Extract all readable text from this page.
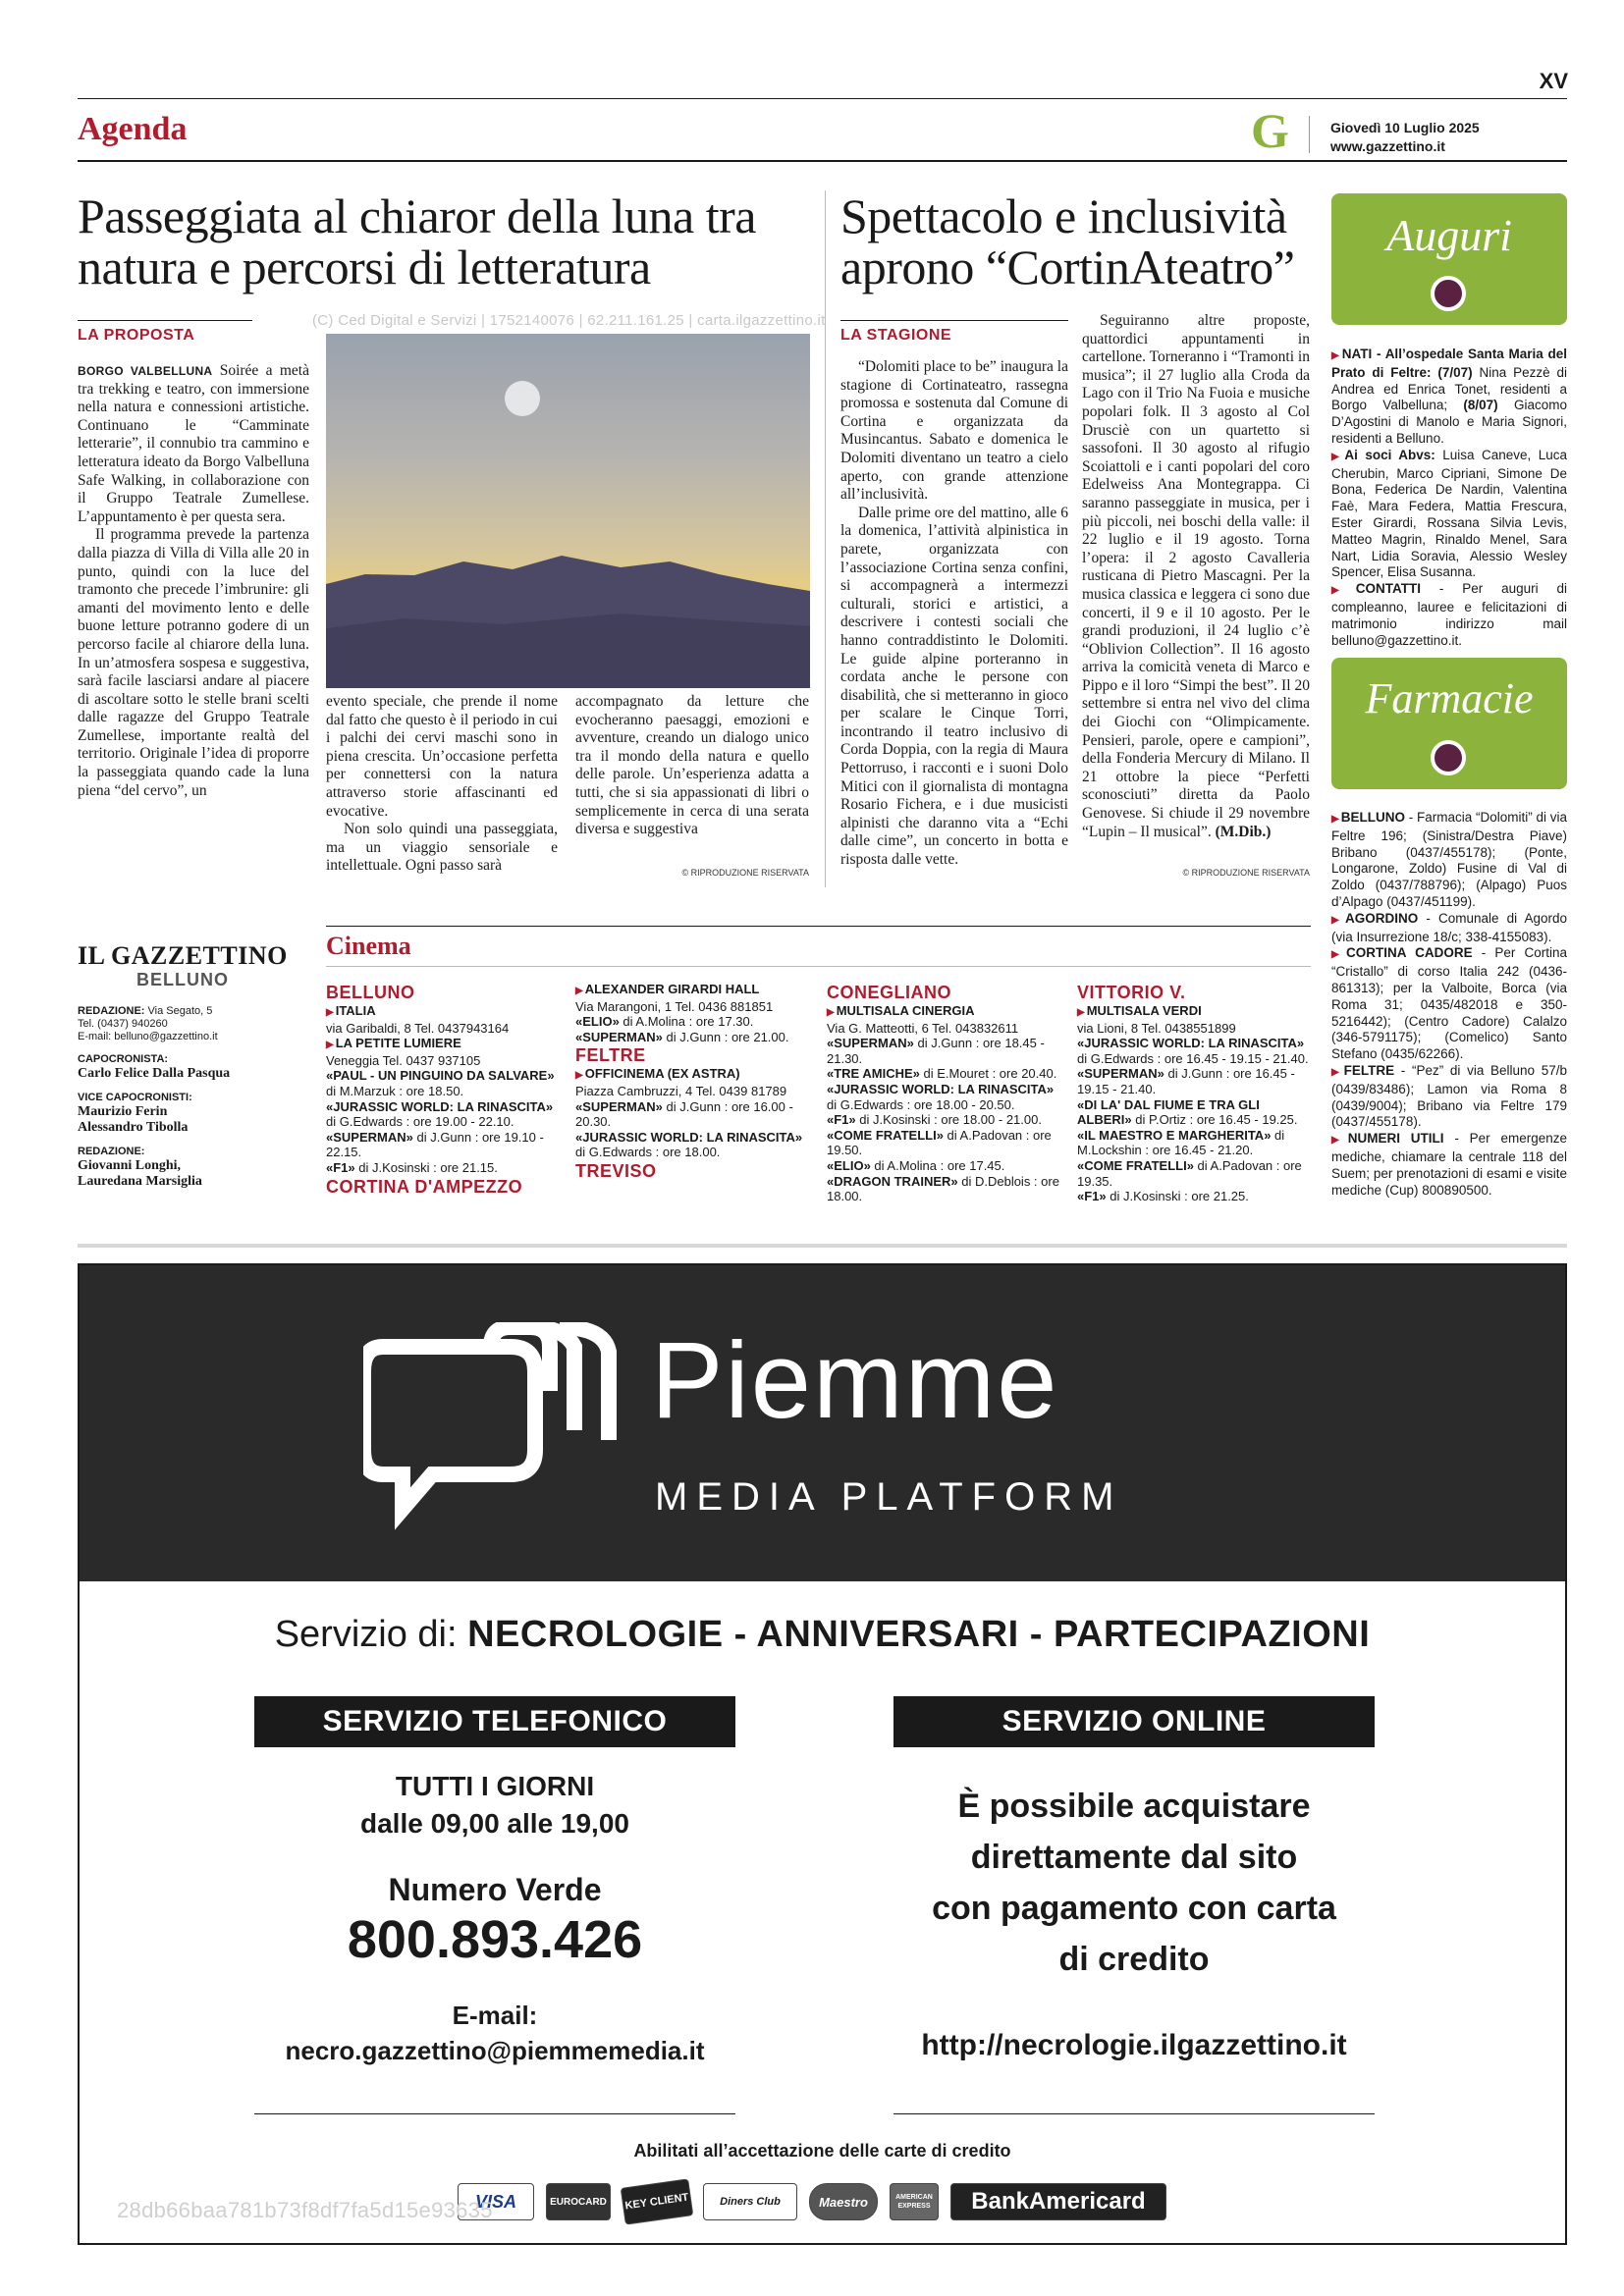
XV
Agenda	G	Giovedì 10 Luglio 2025
www.gazzettino.it
Passeggiata al chiaror della luna tra natura e percorsi di letteratura
LA PROPOSTA
(C) Ced Digital e Servizi | 1752140076 | 62.211.161.25 | carta.ilgazzettino.it

BORGO VALBELLUNA Soirée a metà tra trekking e teatro, con immersione nella natura e connessioni artistiche. Continuano le “Camminate letterarie”, il connubio tra cammino e letteratura ideato da Borgo Valbelluna Safe Walking, in collaborazione con il Gruppo Teatrale Zumellese. L’appuntamento è per questa sera.

Il programma prevede la partenza dalla piazza di Villa di Villa alle 20 in punto, quindi con la luce del tramonto che precede l’imbrunire: gli amanti del movimento lento e delle buone letture potranno godere di un percorso facile al chiarore della luna. In un’atmosfera sospesa e suggestiva, sarà facile lasciarsi andare al piacere di ascoltare sotto le stelle brani scelti dalle ragazze del Gruppo Teatrale Zumellese, importante realtà del territorio. Originale l’idea di proporre la passeggiata quando cade la luna piena “del cervo”, un

evento speciale, che prende il nome dal fatto che questo è il periodo in cui i palchi dei cervi maschi sono in piena crescita. Un’occasione perfetta per connettersi con la natura attraverso storie affascinanti ed evocative.

Non solo quindi una passeggiata, ma un viaggio sensoriale e intellettuale. Ogni passo sarà

accompagnato da letture che evocheranno paesaggi, emozioni e avventure, creando un dialogo unico tra il mondo della natura e quello delle parole. Un’esperienza adatta a tutti, che si sia appassionati di libri o semplicemente in cerca di una serata diversa e suggestiva

© RIPRODUZIONE RISERVATA
Spettacolo e inclusività aprono “CortinAteatro”
LA STAGIONE

“Dolomiti place to be” inaugura la stagione di Cortinateatro, rassegna promossa e sostenuta dal Comune di Cortina e organizzata da Musincantus. Sabato e domenica le Dolomiti diventano un teatro a cielo aperto, con grande attenzione all’inclusività.

Dalle prime ore del mattino, alle 6 la domenica, l’attività alpinistica in parete, organizzata con l’associazione Cortina senza confini, si accompagnerà a intermezzi culturali, storici e artistici, a descrivere i contesti sociali che hanno contraddistinto le Dolomiti. Le guide alpine porteranno in cordata anche le persone con disabilità, che si metteranno in gioco per scalare le Cinque Torri, incontrando il teatro inclusivo di Corda Doppia, con la regia di Maura Pettorruso, i racconti e i suoni Dolo Mitici con il giornalista di montagna Rosario Fichera, e i due musicisti alpinisti che daranno vita a “Echi dalle cime”, un concerto in botta e risposta dalle vette.

Seguiranno altre proposte, quattordici appuntamenti in cartellone. Torneranno i “Tramonti in musica”; il 27 luglio alla Croda da Lago con il Trio Na Fuoia e musiche popolari folk. Il 3 agosto al Col Drusciè con un quartetto si sassofoni. Il 30 agosto al rifugio Scoiattoli e i canti popolari del coro Edelweiss Ana Montegrappa. Ci saranno passeggiate in musica, per i più piccoli, nei boschi della valle: il 22 luglio e il 19 agosto. Torna l’opera: il 2 agosto Cavalleria rusticana di Pietro Mascagni. Per la musica classica e leggera ci sono due concerti, il 9 e il 10 agosto. Per le grandi produzioni, il 24 luglio c’è “Oblivion Collection”. Il 16 agosto arriva la comicità veneta di Marco e Pippo e il loro “Simpi the best”. Il 20 settembre si entra nel vivo del clima dei Giochi con “Olimpicamente. Pensieri, parole, opere e campioni”, della Fonderia Mercury di Milano. Il 21 ottobre la piece “Perfetti sconosciuti” diretta da Paolo Genovese. Si chiude il 29 novembre “Lupin – Il musical”. (M.Dib.)

© RIPRODUZIONE RISERVATA
Auguri
▶ NATI - All’ospedale Santa Maria del Prato di Feltre: (7/07) Nina Pezzè di Andrea ed Enrica Tonet, residenti a Borgo Valbelluna; (8/07) Giacomo D’Agostini di Manolo e Maria Signori, residenti a Belluno.
▶ Ai soci Abvs: Luisa Caneve, Luca Cherubin, Marco Cipriani, Simone De Bona, Federica De Nardin, Valentina Faè, Mara Federa, Mattia Frescura, Ester Girardi, Rossana Silvia Levis, Matteo Magrin, Rinaldo Menel, Sara Nart, Lidia Soravia, Alessio Wesley Spencer, Elisa Susanna.
▶ CONTATTI - Per auguri di compleanno, lauree e felicitazioni di matrimonio indirizzo mail belluno@gazzettino.it.
Farmacie
▶ BELLUNO - Farmacia “Dolomiti” di via Feltre 196; (Sinistra/Destra Piave) Bribano (0437/455178); (Ponte, Longarone, Zoldo) Fusine di Val di Zoldo (0437/788796); (Alpago) Puos d’Alpago (0437/451199).
▶ AGORDINO - Comunale di Agordo (via Insurrezione 18/c; 338-4155083).
▶ CORTINA CADORE - Per Cortina “Cristallo” di corso Italia 242 (0436-861313); per la Valboite, Borca (via Roma 31; 0435/482018 e 350-5216442); (Centro Cadore) Calalzo (346-5791175); (Comelico) Santo Stefano (0435/62266).
▶ FELTRE - “Pez” di via Belluno 57/b (0439/83486); Lamon via Roma 8 (0439/9004); Bribano via Feltre 179 (0437/455178).
▶ NUMERI UTILI - Per emergenze mediche, chiamare la centrale 118 del Suem; per prenotazioni di esami e visite mediche (Cup) 800890500.
IL GAZZETTINO
BELLUNO
REDAZIONE: Via Segato, 5
Tel. (0437) 940260
E-mail: belluno@gazzettino.it
CAPOCRONISTA:
Carlo Felice Dalla Pasqua
VICE CAPOCRONISTI:
Maurizio Ferin
Alessandro Tibolla
REDAZIONE:
Giovanni Longhi,
Lauredana Marsiglia
Cinema
BELLUNO
▶ ITALIA
via Garibaldi, 8 Tel. 0437943164
▶ LA PETITE LUMIERE
Veneggia Tel. 0437 937105
«PAUL - UN PINGUINO DA SALVARE» di M.Marzuk : ore 18.50.
«JURASSIC WORLD: LA RINASCITA» di G.Edwards : ore 19.00 - 22.10.
«SUPERMAN» di J.Gunn : ore 19.10 - 22.15.
«F1» di J.Kosinski : ore 21.15.
CORTINA D'AMPEZZO
▶ ALEXANDER GIRARDI HALL
Via Marangoni, 1 Tel. 0436 881851
«ELIO» di A.Molina : ore 17.30.
«SUPERMAN» di J.Gunn : ore 21.00.
FELTRE
▶ OFFICINEMA (EX ASTRA)
Piazza Cambruzzi, 4 Tel. 0439 81789
«SUPERMAN» di J.Gunn : ore 16.00 - 20.30.
«JURASSIC WORLD: LA RINASCITA» di G.Edwards : ore 18.00.
TREVISO
CONEGLIANO
▶ MULTISALA CINERGIA
Via G. Matteotti, 6 Tel. 043832611
«SUPERMAN» di J.Gunn : ore 18.45 - 21.30.
«TRE AMICHE» di E.Mouret : ore 20.40.
«JURASSIC WORLD: LA RINASCITA» di G.Edwards : ore 18.00 - 20.50.
«F1» di J.Kosinski : ore 18.00 - 21.00.
«COME FRATELLI» di A.Padovan : ore 19.50.
«ELIO» di A.Molina : ore 17.45.
«DRAGON TRAINER» di D.Deblois : ore 18.00.
VITTORIO V.
▶ MULTISALA VERDI
via Lioni, 8 Tel. 0438551899
«JURASSIC WORLD: LA RINASCITA» di G.Edwards : ore 16.45 - 19.15 - 21.40.
«SUPERMAN» di J.Gunn : ore 16.45 - 19.15 - 21.40.
«DI LA' DAL FIUME E TRA GLI ALBERI» di P.Ortiz : ore 16.45 - 19.25.
«IL MAESTRO E MARGHERITA» di M.Lockshin : ore 16.45 - 21.20.
«COME FRATELLI» di A.Padovan : ore 19.35.
«F1» di J.Kosinski : ore 21.25.
Piemme
MEDIA PLATFORM
Servizio di: NECROLOGIE - ANNIVERSARI - PARTECIPAZIONI
SERVIZIO TELEFONICO	SERVIZIO ONLINE
TUTTI I GIORNI
dalle 09,00 alle 19,00
Numero Verde
800.893.426
E-mail:
necro.gazzettino@piemmemedia.it
È possibile acquistare
direttamente dal sito
con pagamento con carta
di credito
http://necrologie.ilgazzettino.it
Abilitati all’accettazione delle carte di credito
VISA	EUROCARD	KEY CLIENT	Diners Club	Maestro	AMERICAN EXPRESS	BankAmericard
28db66baa781b73f8df7fa5d15e93635
